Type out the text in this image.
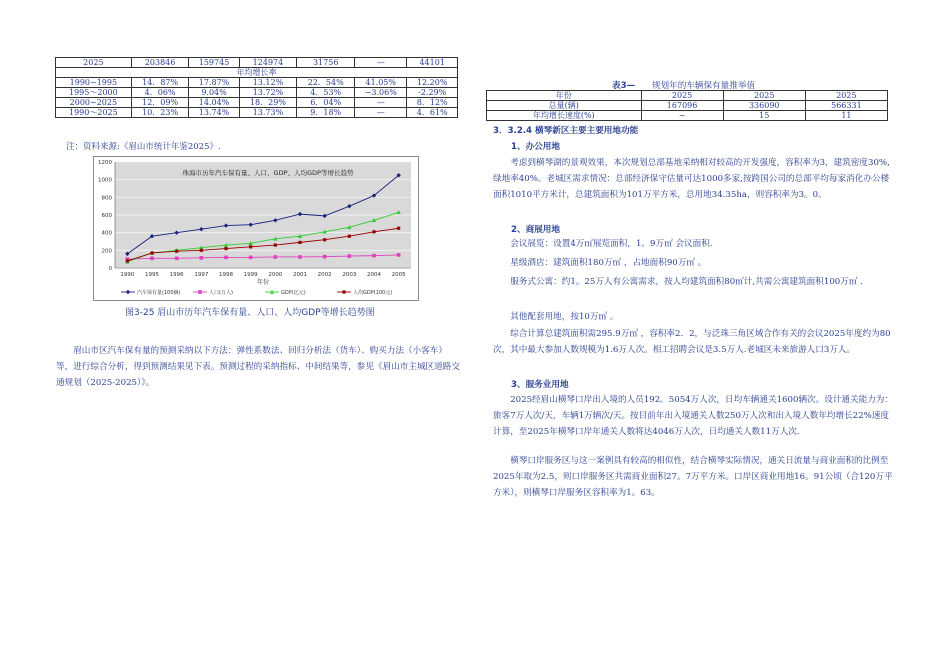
2025	203846	159745	124974	31756	—	44101
年均增长率						
1990~1995	14．87%	17.87%	13.12%	22．54%	41.05%	12.20%
1995～2000	4．06%	9.04%	13.72%	4．53%	−3.06%	-2.29%
2000~2025	12．09%	14.04%	18．29%	6．04%	—	8．12%
1990～2025	10．23%	13.74%	13.73%	9．18%	—	4．61%
注：资料来源:《眉山市统计年鉴2025》.
0
200
400
600
800
1000
1200
1990 1995 1996 1997 1998 1999 2000 2001 2002 2003 2004 2005
年份
珠海市历年汽车保有量、人口、GDP、人均GDP等增长趋势
汽车保有量(100辆)	人口(万人)	GDP(亿元)	人均GDP(100元)
图3-25 眉山市历年汽车保有量、人口、人均GDP等增长趋势图
眉山市区汽车保有量的预测采纳以下方法：弹性系数法、回归分析法（货车）、购买力法（小客车）等，进行综合分析，得到预测结果见下表。预测过程的采纳指标、中间结果等，参见《眉山市主城区道路交通规划（2025-2025）》。
表3— 规划年的车辆保有量推举值
年份	2025	2025	2025
总量(辆)	167096	336090	566331
年均增长速度(%)	~	15	11
3．3.2.4 横琴新区主要主要用地功能
1、办公用地
考虑到横琴湖的景观效果，本次规划总部基地采纳相对较高的开发强度，容积率为3，建筑密度30%,绿地率40%。老城区需求情况：总部经济保守估量可达1000多家,按跨国公司的总部平均每家消化办公楼面积1010平方米计，总建筑面积为101万平方米，总用地34.35ha，则容积率为3。0。
2、商展用地
会议展览：设置4万㎡展览面积，1。9万㎡ 会议面积.
星级酒店：建筑面积180万㎡ ，占地面积90万㎡ 。
服务式公寓：约1。25万人有公寓需求，按人均建筑面积80㎡计,共需公寓建筑面积100万㎡ .
其他配套用地，按10万㎡ 。
综合计算总建筑面积需295.9万㎡ ，容积率2．2，与泛珠三角区域合作有关的会议2025年度约为80次，其中最大参加人数规模为1.6万人次。相工招聘会议是3.5万人.老城区未来旅游人口3万人。
3、服务业用地
2025经眉山横琴口岸出入境的人员192。5054万人次，日均车辆通关1600辆次。设计通关能力为：旅客7万人次/天，车辆1万辆次/天。按目前年出入境通关人数250万人次和出入境人数年均增长22%速度计算，至2025年横琴口岸年通关人数将达4046万人次，日均通关人数11万人次.
横琴口岸服务区与这一案例具有较高的相似性，结合横琴实际情况，通关日流量与商业面积的比例至2025年取为2.5，则口岸服务区共需商业面积27。7万平方米。口岸区商业用地16。91公顷（合120万平方米），则横琴口岸服务区容积率为1。63。
